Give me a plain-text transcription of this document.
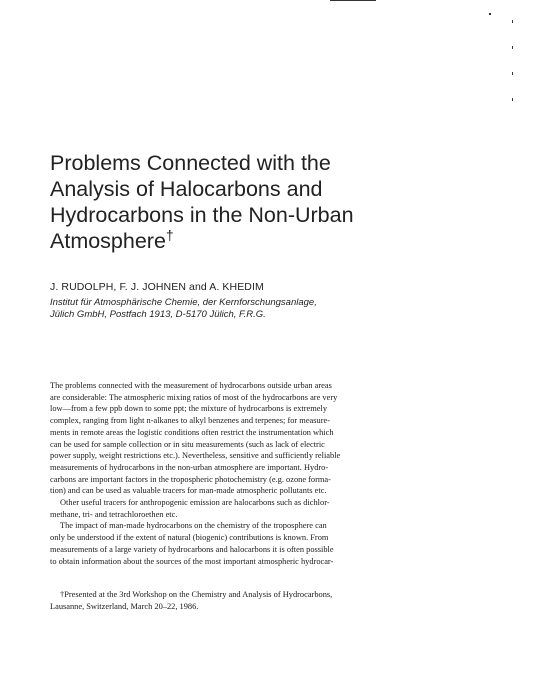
Problems Connected with the
Analysis of Halocarbons and
Hydrocarbons in the Non-Urban
Atmosphere†
J. RUDOLPH, F. J. JOHNEN and A. KHEDIM
Institut für Atmosphärische Chemie, der Kernforschungsanlage,
Jülich GmbH, Postfach 1913, D-5170 Jülich, F.R.G.
The problems connected with the measurement of hydrocarbons outside urban areas
are considerable: The atmospheric mixing ratios of most of the hydrocarbons are very
low—from a few ppb down to some ppt; the mixture of hydrocarbons is extremely
complex, ranging from light n-alkanes to alkyl benzenes and terpenes; for measure-
ments in remote areas the logistic conditions often restrict the instrumentation which
can be used for sample collection or in situ measurements (such as lack of electric
power supply, weight restrictions etc.). Nevertheless, sensitive and sufficiently reliable
measurements of hydrocarbons in the non-urban atmosphere are important. Hydro-
carbons are important factors in the tropospheric photochemistry (e.g. ozone forma-
tion) and can be used as valuable tracers for man-made atmospheric pollutants etc.
Other useful tracers for anthropogenic emission are halocarbons such as dichlor-
methane, tri- and tetrachloroethen etc.
The impact of man-made hydrocarbons on the chemistry of the troposphere can
only be understood if the extent of natural (biogenic) contributions is known. From
measurements of a large variety of hydrocarbons and halocarbons it is often possible
to obtain information about the sources of the most important atmospheric hydrocar-
†Presented at the 3rd Workshop on the Chemistry and Analysis of Hydrocarbons,
Lausanne, Switzerland, March 20–22, 1986.
